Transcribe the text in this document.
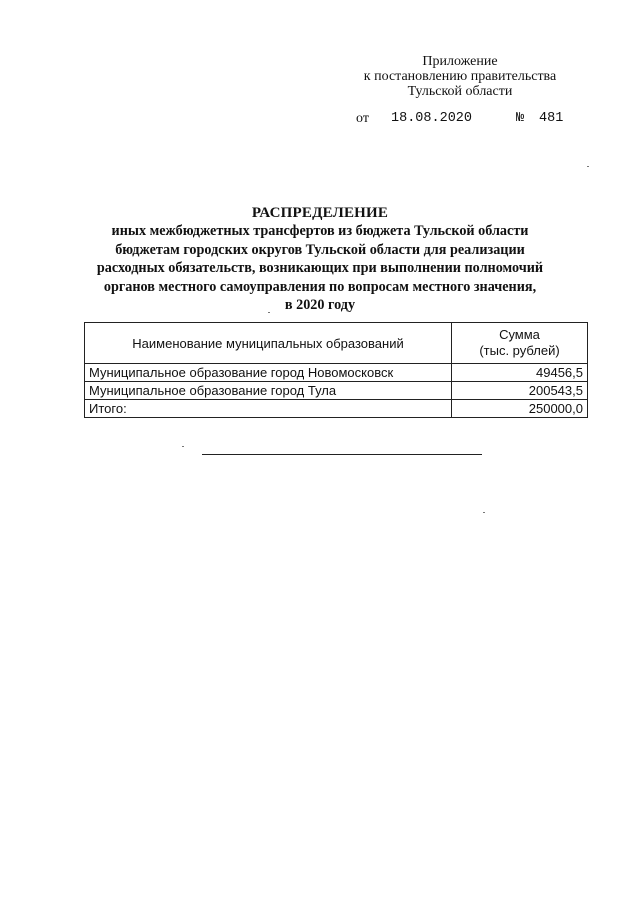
Приложение
к постановлению правительства
Тульской области
от 18.08.2020	№ 481
РАСПРЕДЕЛЕНИЕ
иных межбюджетных трансфертов из бюджета Тульской области
бюджетам городских округов Тульской области для реализации
расходных обязательств, возникающих при выполнении полномочий
органов местного самоуправления по вопросам местного значения,
в 2020 году
Наименование муниципальных образований	Сумма
(тыс. рублей)

Муниципальное образование город Новомосковск	49456,5
Муниципальное образование город Тула	200543,5
Итого:	250000,0
